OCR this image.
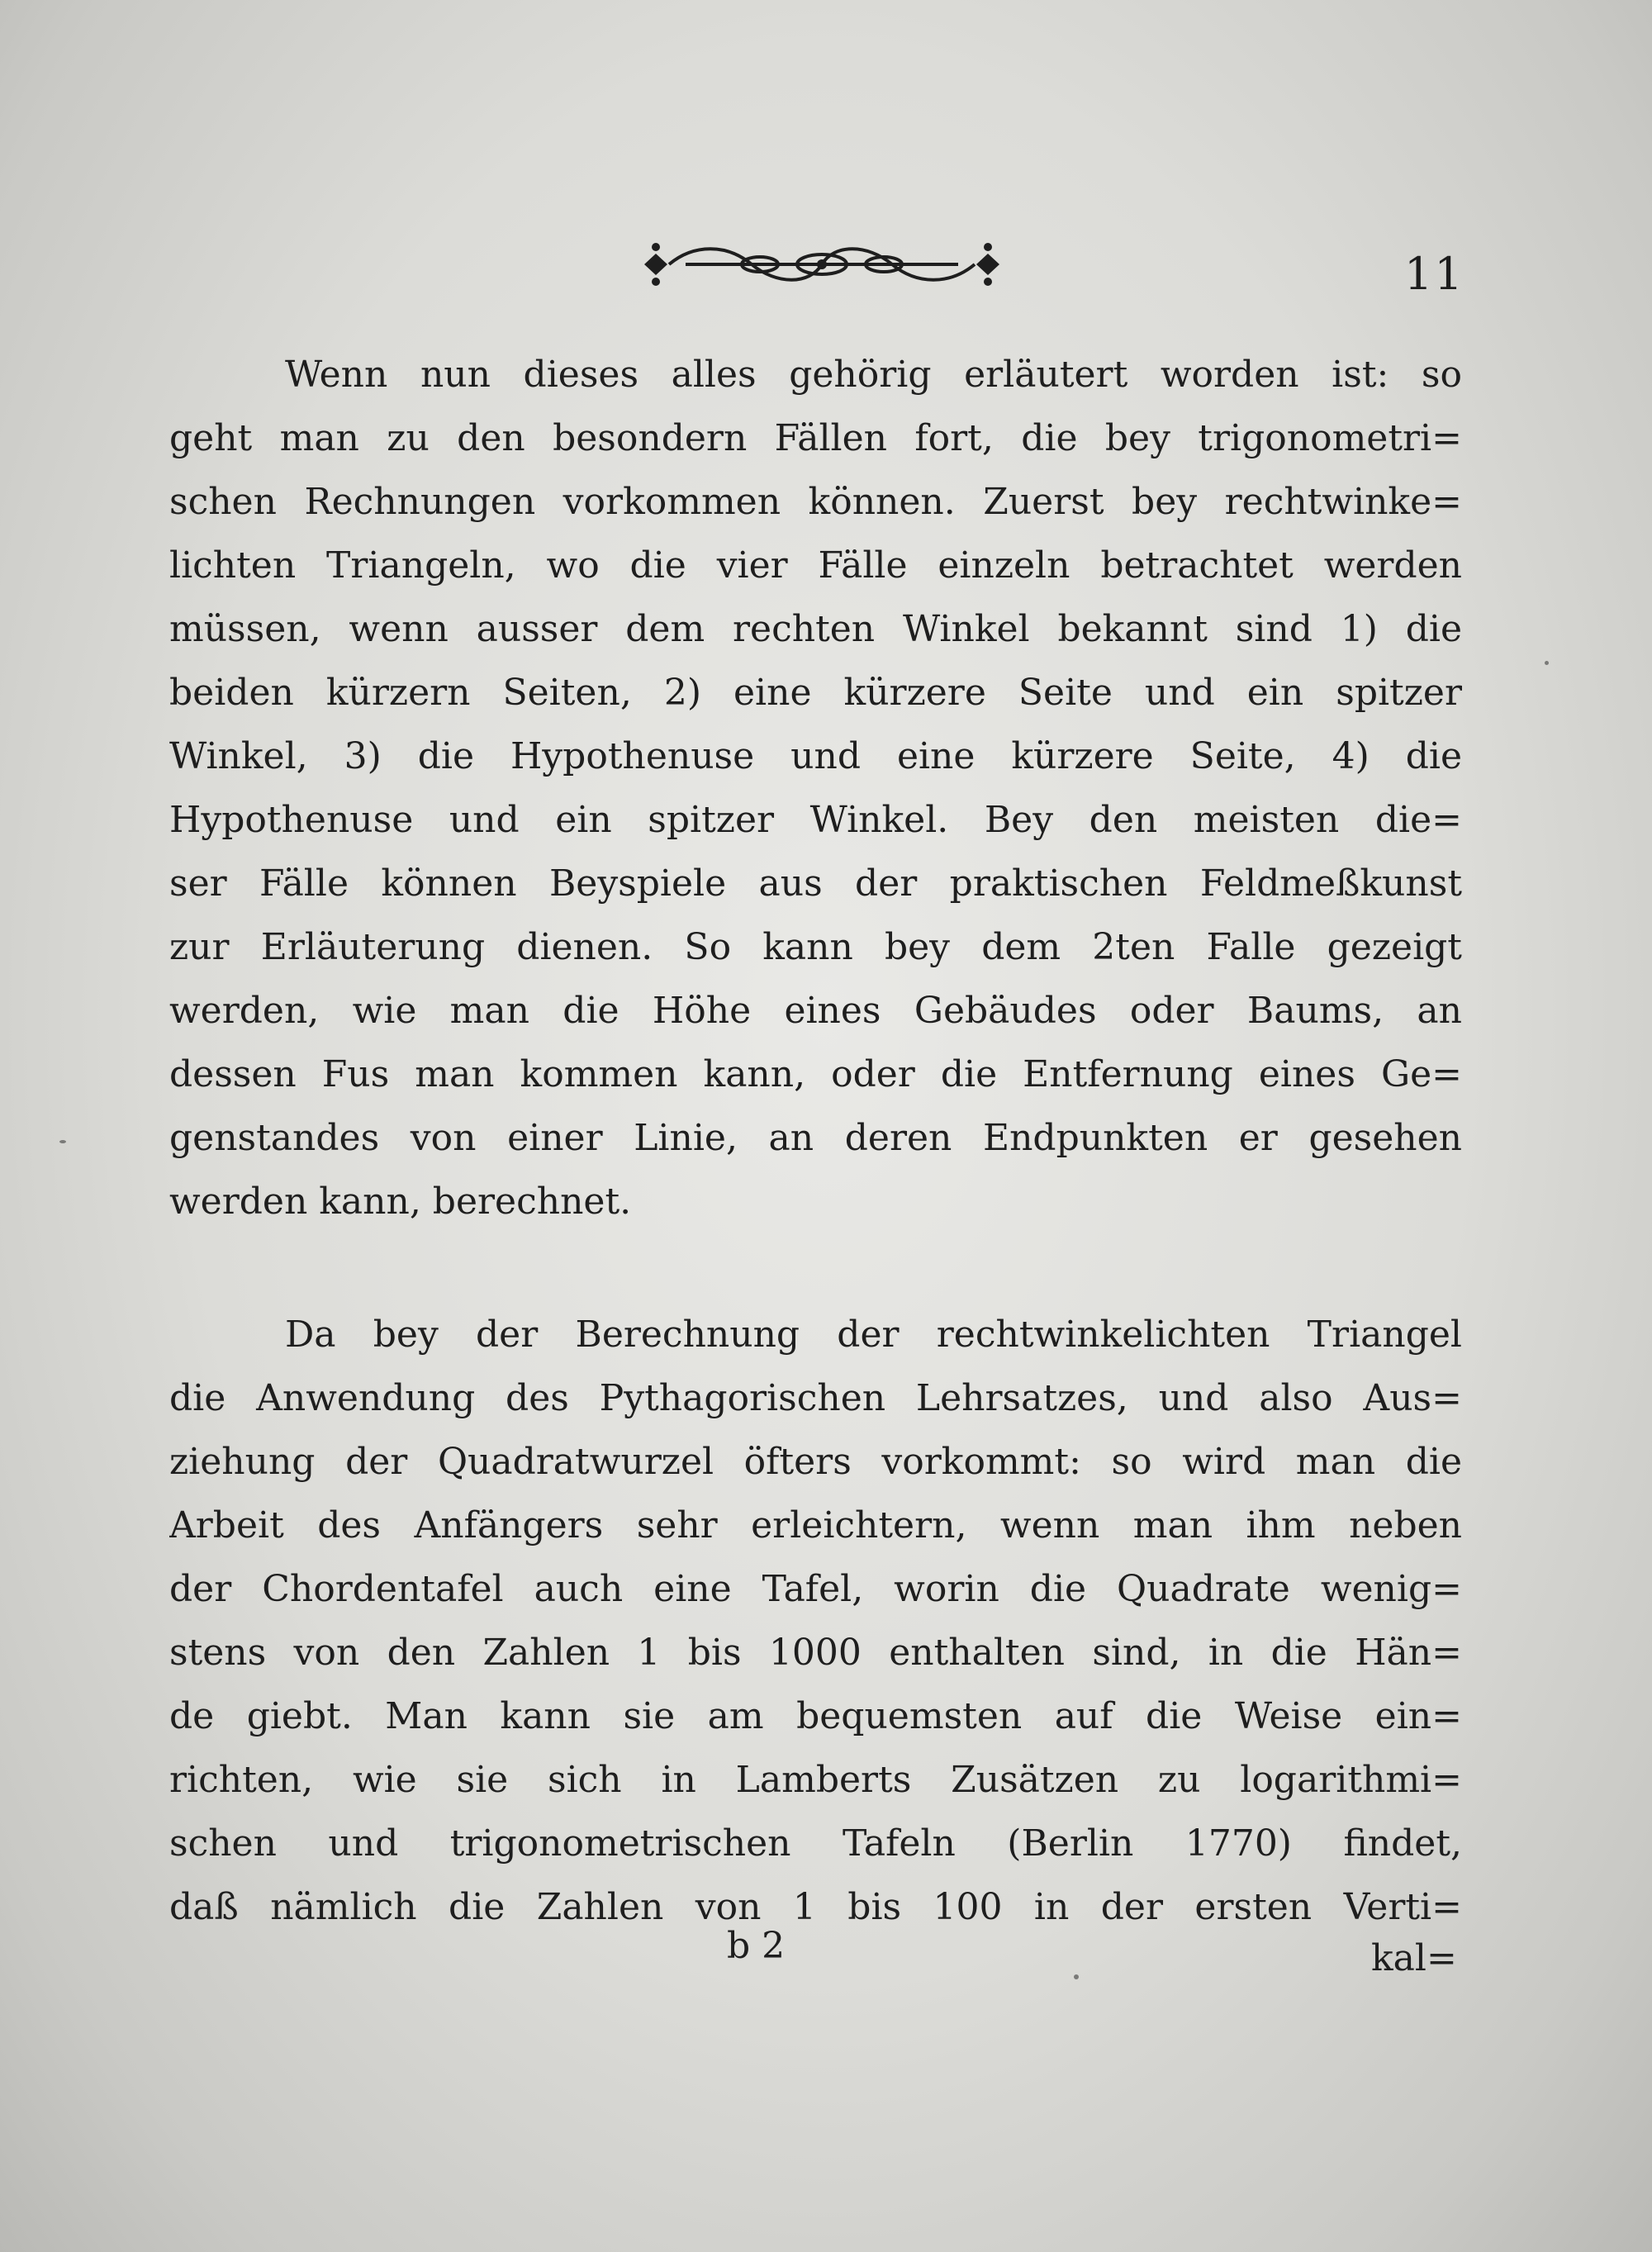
11
Wenn nun dieses alles gehörig erläutert worden ist: so
geht man zu den besondern Fällen fort, die bey trigonometri=
schen Rechnungen vorkommen können. Zuerst bey rechtwinke=
lichten Triangeln, wo die vier Fälle einzeln betrachtet werden
müssen, wenn ausser dem rechten Winkel bekannt sind 1) die
beiden kürzern Seiten, 2) eine kürzere Seite und ein spitzer
Winkel, 3) die Hypothenuse und eine kürzere Seite, 4) die
Hypothenuse und ein spitzer Winkel. Bey den meisten die=
ser Fälle können Beyspiele aus der praktischen Feldmeßkunst
zur Erläuterung dienen. So kann bey dem 2ten Falle gezeigt
werden, wie man die Höhe eines Gebäudes oder Baums, an
dessen Fus man kommen kann, oder die Entfernung eines Ge=
genstandes von einer Linie, an deren Endpunkten er gesehen
werden kann, berechnet.
Da bey der Berechnung der rechtwinkelichten Triangel
die Anwendung des Pythagorischen Lehrsatzes, und also Aus=
ziehung der Quadratwurzel öfters vorkommt: so wird man die
Arbeit des Anfängers sehr erleichtern, wenn man ihm neben
der Chordentafel auch eine Tafel, worin die Quadrate wenig=
stens von den Zahlen 1 bis 1000 enthalten sind, in die Hän=
de giebt. Man kann sie am bequemsten auf die Weise ein=
richten, wie sie sich in Lamberts Zusätzen zu logarithmi=
schen und trigonometrischen Tafeln (Berlin 1770) findet,
daß nämlich die Zahlen von 1 bis 100 in der ersten Verti=
b 2	kal=
